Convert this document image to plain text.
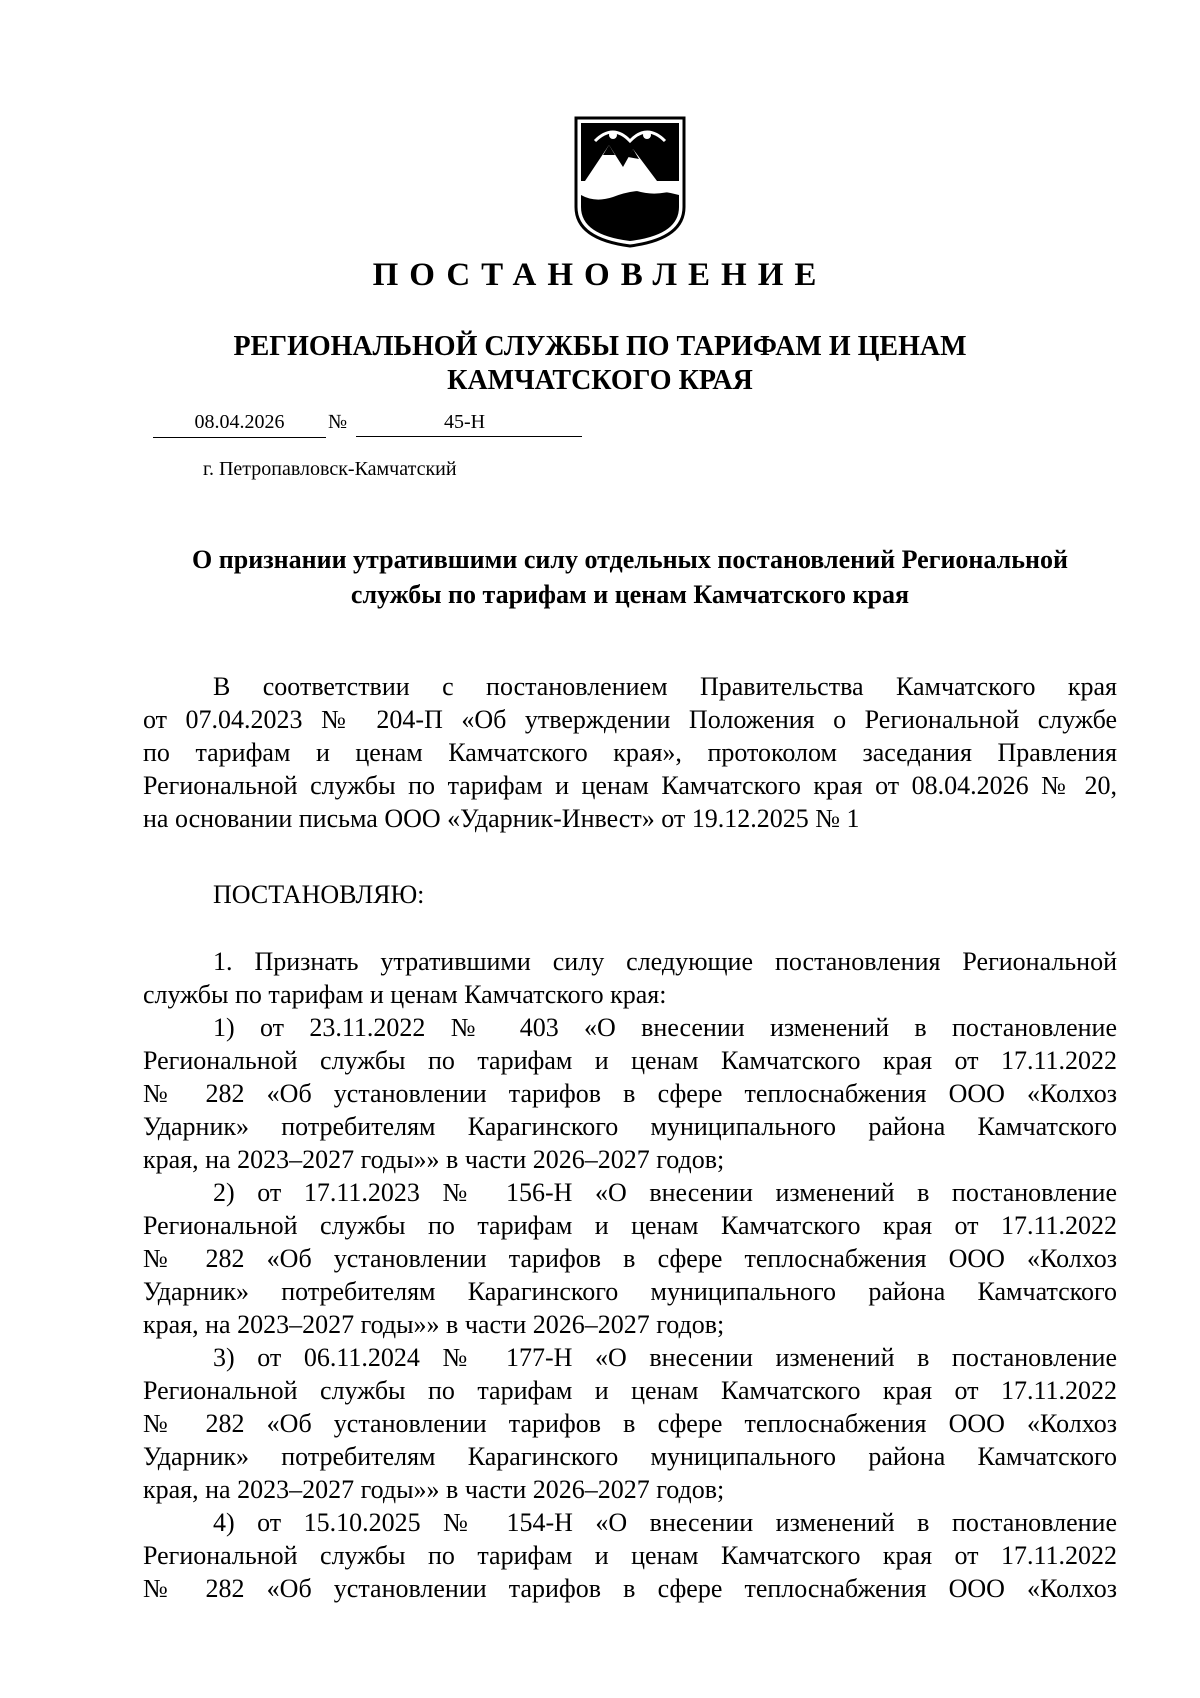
ПОСТАНОВЛЕНИЕ
РЕГИОНАЛЬНОЙ СЛУЖБЫ ПО ТАРИФАМ И ЦЕНАМ
КАМЧАТСКОГО КРАЯ
08.04.2026	№	45-Н
г. Петропавловск-Камчатский
О признании утратившими силу отдельных постановлений Региональной
службы по тарифам и ценам Камчатского края
В соответствии с постановлением Правительства Камчатского края
от 07.04.2023 № 204-П «Об утверждении Положения о Региональной службе
по тарифам и ценам Камчатского края», протоколом заседания Правления
Региональной службы по тарифам и ценам Камчатского края от 08.04.2026 № 20,
на основании письма ООО «Ударник-Инвест» от 19.12.2025 № 1
ПОСТАНОВЛЯЮ:
1. Признать утратившими силу следующие постановления Региональной
службы по тарифам и ценам Камчатского края:
1) от 23.11.2022 № 403 «О внесении изменений в постановление
Региональной службы по тарифам и ценам Камчатского края от 17.11.2022
№ 282 «Об установлении тарифов в сфере теплоснабжения ООО «Колхоз
Ударник» потребителям Карагинского муниципального района Камчатского
края, на 2023–2027 годы»» в части 2026–2027 годов;
2) от 17.11.2023 № 156-Н «О внесении изменений в постановление
Региональной службы по тарифам и ценам Камчатского края от 17.11.2022
№ 282 «Об установлении тарифов в сфере теплоснабжения ООО «Колхоз
Ударник» потребителям Карагинского муниципального района Камчатского
края, на 2023–2027 годы»» в части 2026–2027 годов;
3) от 06.11.2024 № 177-Н «О внесении изменений в постановление
Региональной службы по тарифам и ценам Камчатского края от 17.11.2022
№ 282 «Об установлении тарифов в сфере теплоснабжения ООО «Колхоз
Ударник» потребителям Карагинского муниципального района Камчатского
края, на 2023–2027 годы»» в части 2026–2027 годов;
4) от 15.10.2025 № 154-Н «О внесении изменений в постановление
Региональной службы по тарифам и ценам Камчатского края от 17.11.2022
№ 282 «Об установлении тарифов в сфере теплоснабжения ООО «Колхоз
